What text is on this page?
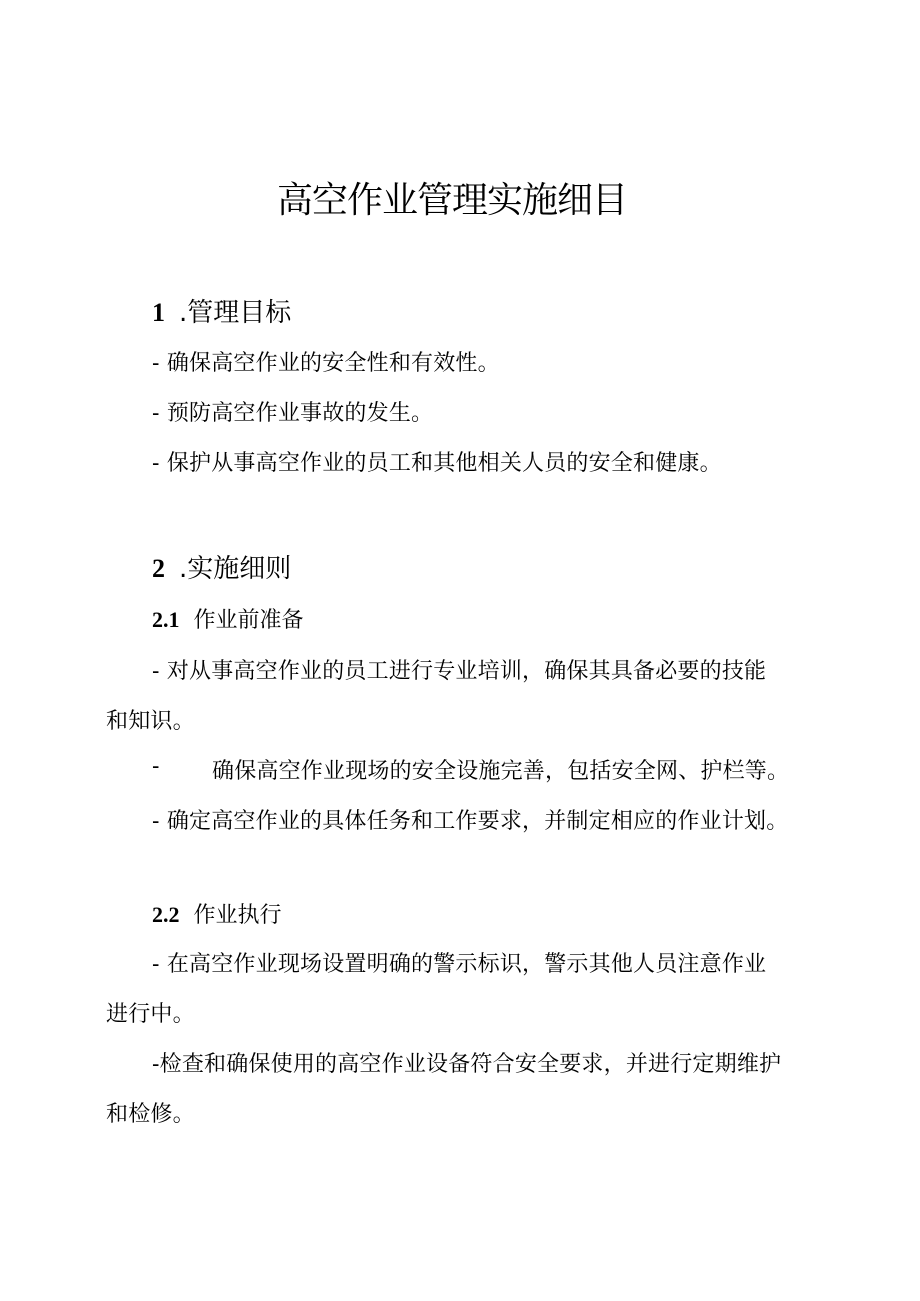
高空作业管理实施细目
1 .管理目标

- 确保高空作业的安全性和有效性。

- 预防高空作业事故的发生。

- 保护从事高空作业的员工和其他相关人员的安全和健康。

2 .实施细则
2.1 作业前准备

- 对从事高空作业的员工进行专业培训，确保其具备必要的技能

和知识。

- 确保高空作业现场的安全设施完善，包括安全网、护栏等。

- 确定高空作业的具体任务和工作要求，并制定相应的作业计划。

2.2 作业执行

- 在高空作业现场设置明确的警示标识，警示其他人员注意作业

进行中。

-检查和确保使用的高空作业设备符合安全要求，并进行定期维护

和检修。
